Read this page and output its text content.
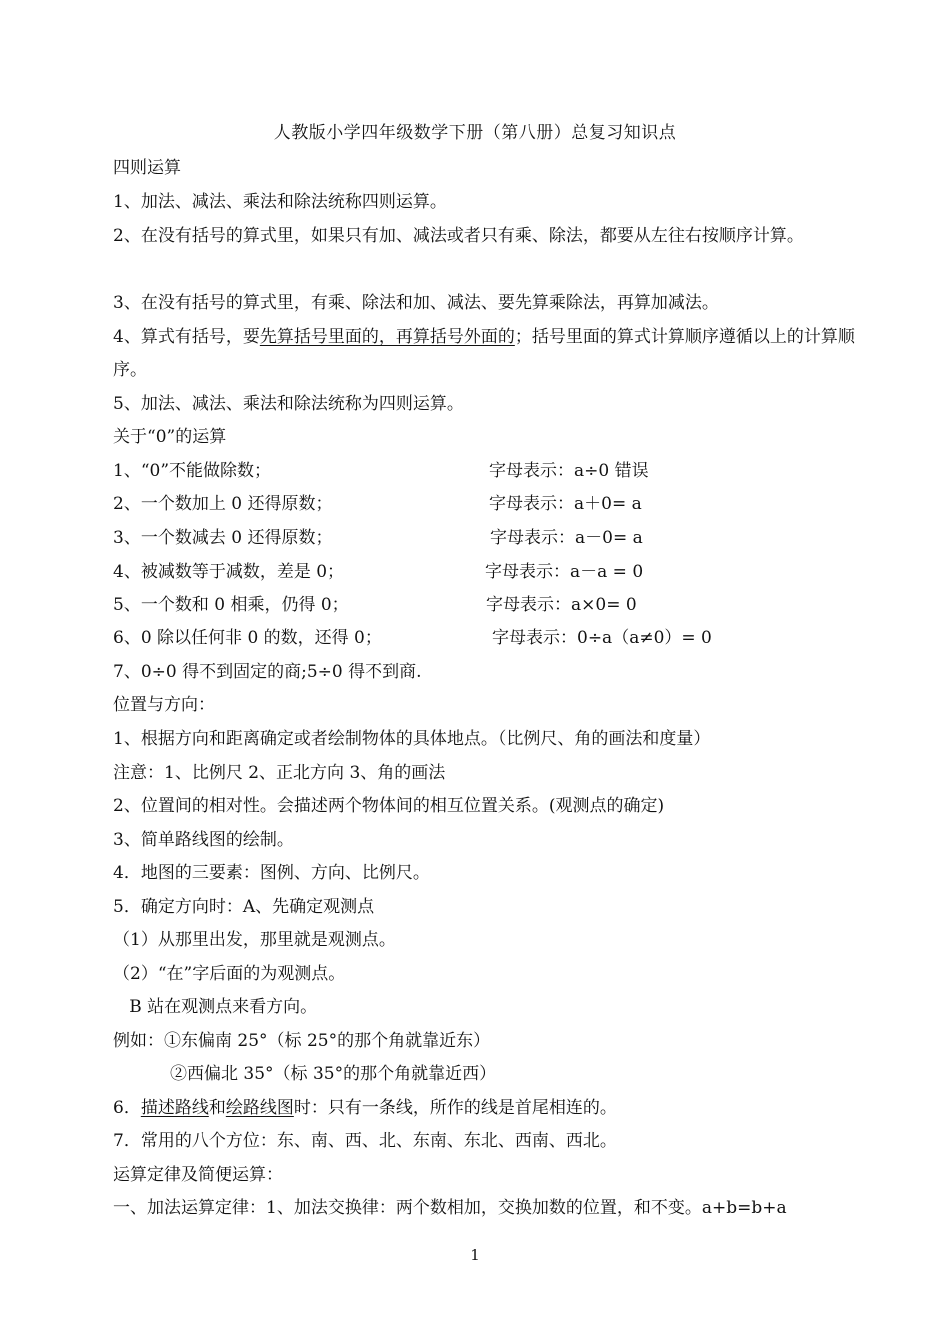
人教版小学四年级数学下册（第八册）总复习知识点
四则运算
1、加法、减法、乘法和除法统称四则运算。
2、在没有括号的算式里，如果只有加、减法或者只有乘、除法，都要从左往右按顺序计算。
3、在没有括号的算式里，有乘、除法和加、减法、要先算乘除法，再算加减法。
4、算式有括号，要先算括号里面的，再算括号外面的；括号里面的算式计算顺序遵循以上的计算顺序。
5、加法、减法、乘法和除法统称为四则运算。
关于“0”的运算
1、“0”不能做除数；	字母表示：a÷0 错误
2、一个数加上 0 还得原数；	字母表示：a＋0= a
3、一个数减去 0 还得原数；	字母表示：a－0= a
4、被减数等于减数，差是 0；	字母表示：a－a = 0
5、一个数和 0 相乘，仍得 0；	字母表示：a×0= 0
6、0 除以任何非 0 的数，还得 0；	字母表示：0÷a（a≠0）= 0
7、0÷0 得不到固定的商;5÷0 得不到商.
位置与方向：
1、根据方向和距离确定或者绘制物体的具体地点。（比例尺、角的画法和度量）
注意：1、比例尺 2、正北方向 3、角的画法
2、位置间的相对性。会描述两个物体间的相互位置关系。(观测点的确定)
3、简单路线图的绘制。
4．地图的三要素：图例、方向、比例尺。
5．确定方向时：A、先确定观测点
（1）从那里出发，那里就是观测点。
（2）“在”字后面的为观测点。
B 站在观测点来看方向。
例如：①东偏南 25°（标 25°的那个角就靠近东）
②西偏北 35°（标 35°的那个角就靠近西）
6．描述路线和绘路线图时：只有一条线，所作的线是首尾相连的。
7．常用的八个方位：东、南、西、北、东南、东北、西南、西北。
运算定律及简便运算：
一、加法运算定律：1、加法交换律：两个数相加，交换加数的位置，和不变。a+b=b+a
1
